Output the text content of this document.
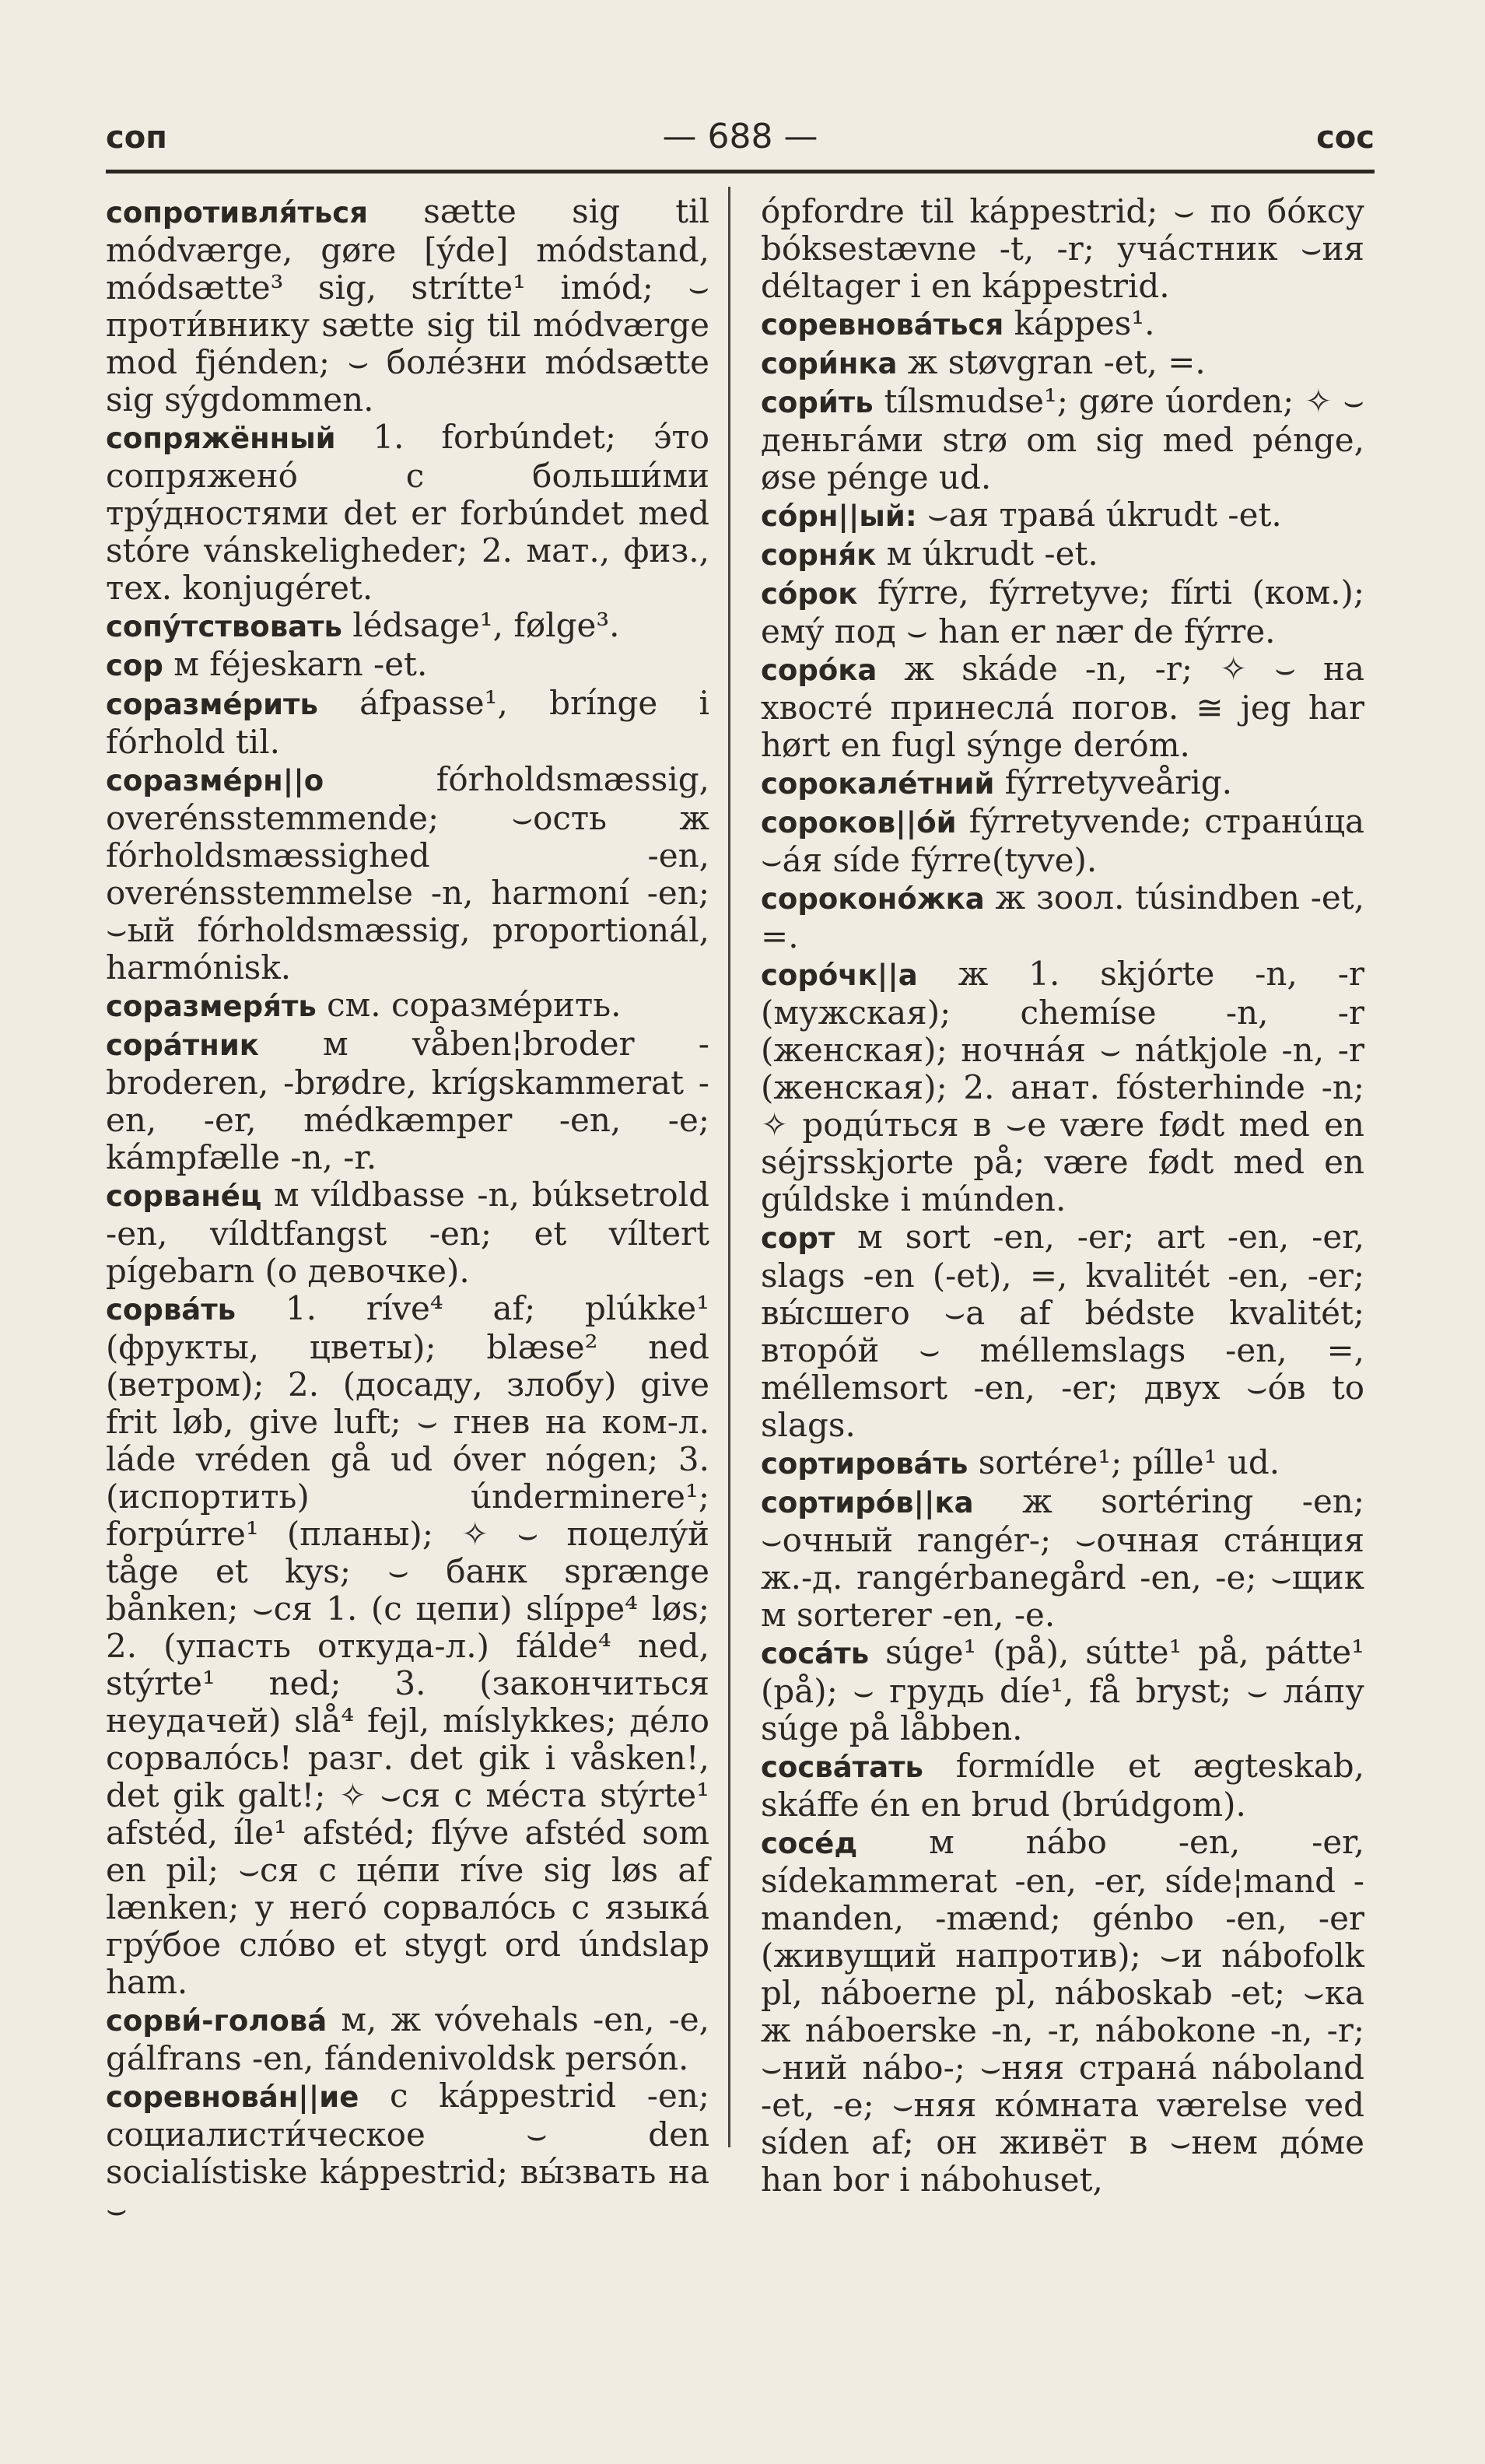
соп	— 688 —	сос

сопротивля́ться sætte sig til módværge, gøre [ýde] módstand, módsætte³ sig, strítte¹ imód; ⌣ проти́внику sætte sig til módværge mod fjénden; ⌣ болéзни módsætte sig sýgdommen.

сопряжённый 1. forbúndet; э́то сопряженó с больши́ми трýдностями det er forbúndet med stóre vánskeligheder; 2. мат., физ., тех. konjugéret.

сопýтствовать lédsage¹, følge³.

сор м féjeskarn -et.

соразмéрить áfpasse¹, brínge i fórhold til.

соразмéрн||о fórholdsmæssig, overénsstemmende; ⌣ость ж fórholdsmæssighed -en, overénsstemmelse -n, harmoní -en; ⌣ый fórholdsmæssig, proportionál, harmónisk.

соразмеря́ть см. соразмéрить.

сорáтник м våben¦broder -broderen, -brødre, krígskammerat -en, -er, médkæmper -en, -e; kámpfælle -n, -r.

сорванéц м víldbasse -n, búksetrold -en, víldtfangst -en; et víltert pígebarn (о девочке).

сорвáть 1. ríve⁴ af; plúkke¹ (фрукты, цветы); blæse² ned (ветром); 2. (досаду, злобу) give frit løb, give luft; ⌣ гнев на ком-л. láde vréden gå ud óver nógen; 3. (испортить) únderminere¹; forpúrre¹ (планы); ✧ ⌣ поцелýй tåge et kys; ⌣ банк sprænge bånken; ⌣ся 1. (с цепи) slíppe⁴ løs; 2. (упасть откуда-л.) fálde⁴ ned, stýrte¹ ned; 3. (закончиться неудачей) slå⁴ fejl, míslykkes; дéло сорвалóсь! разг. det gik i våsken!, det gik galt!; ✧ ⌣ся с мéста stýrte¹ afstéd, íle¹ afstéd; flýve afstéd som en pil; ⌣ся с цéпи ríve sig løs af lænken; у негó сорвалóсь с языкá грýбое слóво et stygt ord úndslap ham.

сорви́-головá м, ж vóvehals -en, -e, gálfrans -en, fándenivoldsk persón.

соревновáн||ие с káppestrid -en; социалисти́ческое ⌣ den socialístiske káppestrid; вы́звать на ⌣

ópfordre til káppestrid; ⌣ по бóксу bóksestævne -t, -r; учáстник ⌣ия déltager i en káppestrid.

соревновáться káppes¹.

сори́нка ж støvgran -et, =.

сори́ть tílsmudse¹; gøre úorden; ✧ ⌣ деньгáми strø om sig med pénge, øse pénge ud.

сóрн||ый: ⌣ая травá úkrudt -et.

сорня́к м úkrudt -et.

сóрок fýrre, fýrretyve; fírti (ком.); емý под ⌣ han er nær de fýrre.

сорóка ж skáde -n, -r; ✧ ⌣ на хвостé принеслá погов. ≅ jeg har hørt en fugl sýnge derόm.

сорокалéтний fýrretyveårig.

сороков||óй fýrretyvende; странúца ⌣áя síde fýrre(tyve).

сороконóжка ж зоол. túsindben -et, =.

сорóчк||а ж 1. skjórte -n, -r (мужская); chemíse -n, -r (женская); ночнáя ⌣ nátkjole -n, -r (женская); 2. анат. fósterhinde -n; ✧ родúться в ⌣е være født med en séjrsskjorte på; være født med en gúldske i múnden.

сорт м sort -en, -er; art -en, -er, slags -en (-et), =, kvalitét -en, -er; вы́сшего ⌣а af bédste kvalitét; вторóй ⌣ méllemslags -en, =, méllemsort -en, -er; двух ⌣óв to slags.

сортировáть sortére¹; pílle¹ ud.

сортирóв||ка ж sortéring -en; ⌣очный rangér-; ⌣очная стáнция ж.-д. rangérbanegård -en, -e; ⌣щик м sorterer -en, -e.

сосáть súge¹ (på), sútte¹ på, pátte¹ (på); ⌣ грудь díe¹, få bryst; ⌣ лáпу súge på låbben.

сосвáтать formídle et ægteskab, skáffe én en brud (brúdgom).

сосéд м nábo -en, -er, sídekammerat -en, -er, síde¦mand -manden, -mænd; génbo -en, -er (живущий напротив); ⌣и nábofolk pl, náboerne pl, náboskab -et; ⌣ка ж náboerske -n, -r, nábokone -n, -r; ⌣ний nábo-; ⌣няя странá náboland -et, -e; ⌣няя кóмната værelse ved síden af; он живёт в ⌣нем дóме han bor i nábohuset,
